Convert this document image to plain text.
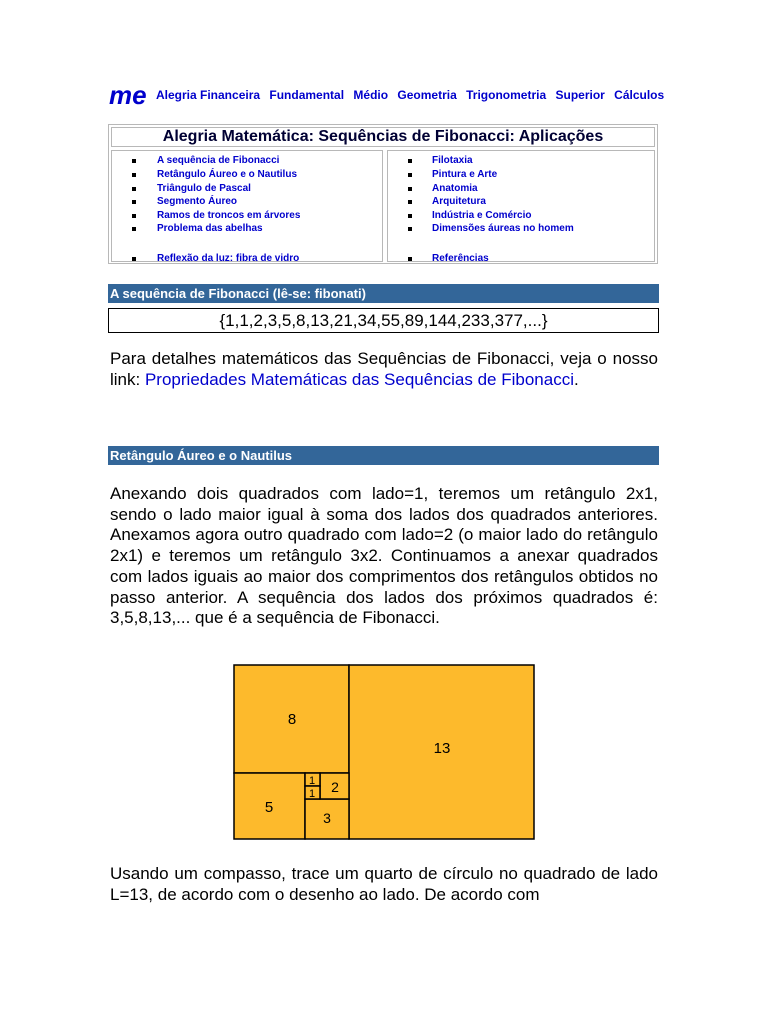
me Alegria Financeira Fundamental Médio Geometria Trigonometria Superior Cálculos
Alegria Matemática: Sequências de Fibonacci: Aplicações
A sequência de Fibonacci
Retângulo Áureo e o Nautilus
Triângulo de Pascal
Segmento Áureo
Ramos de troncos em árvores
Problema das abelhas
Reflexão da luz: fibra de vidro
Filotaxia
Pintura e Arte
Anatomia
Arquitetura
Indústria e Comércio
Dimensões áureas no homem
Referências
A sequência de Fibonacci (lê-se: fibonati)
{1,1,2,3,5,8,13,21,34,55,89,144,233,377,...}
Para detalhes matemáticos das Sequências de Fibonacci, veja o nosso link: Propriedades Matemáticas das Sequências de Fibonacci.
Retângulo Áureo e o Nautilus
Anexando dois quadrados com lado=1, teremos um retângulo 2x1, sendo o lado maior igual à soma dos lados dos quadrados anteriores. Anexamos agora outro quadrado com lado=2 (o maior lado do retângulo 2x1) e teremos um retângulo 3x2. Continuamos a anexar quadrados com lados iguais ao maior dos comprimentos dos retângulos obtidos no passo anterior. A sequência dos lados dos próximos quadrados é: 3,5,8,13,... que é a sequência de Fibonacci.
8
13
1
1 2
5
3
Usando um compasso, trace um quarto de círculo no quadrado de lado L=13, de acordo com o desenho ao lado. De acordo com
